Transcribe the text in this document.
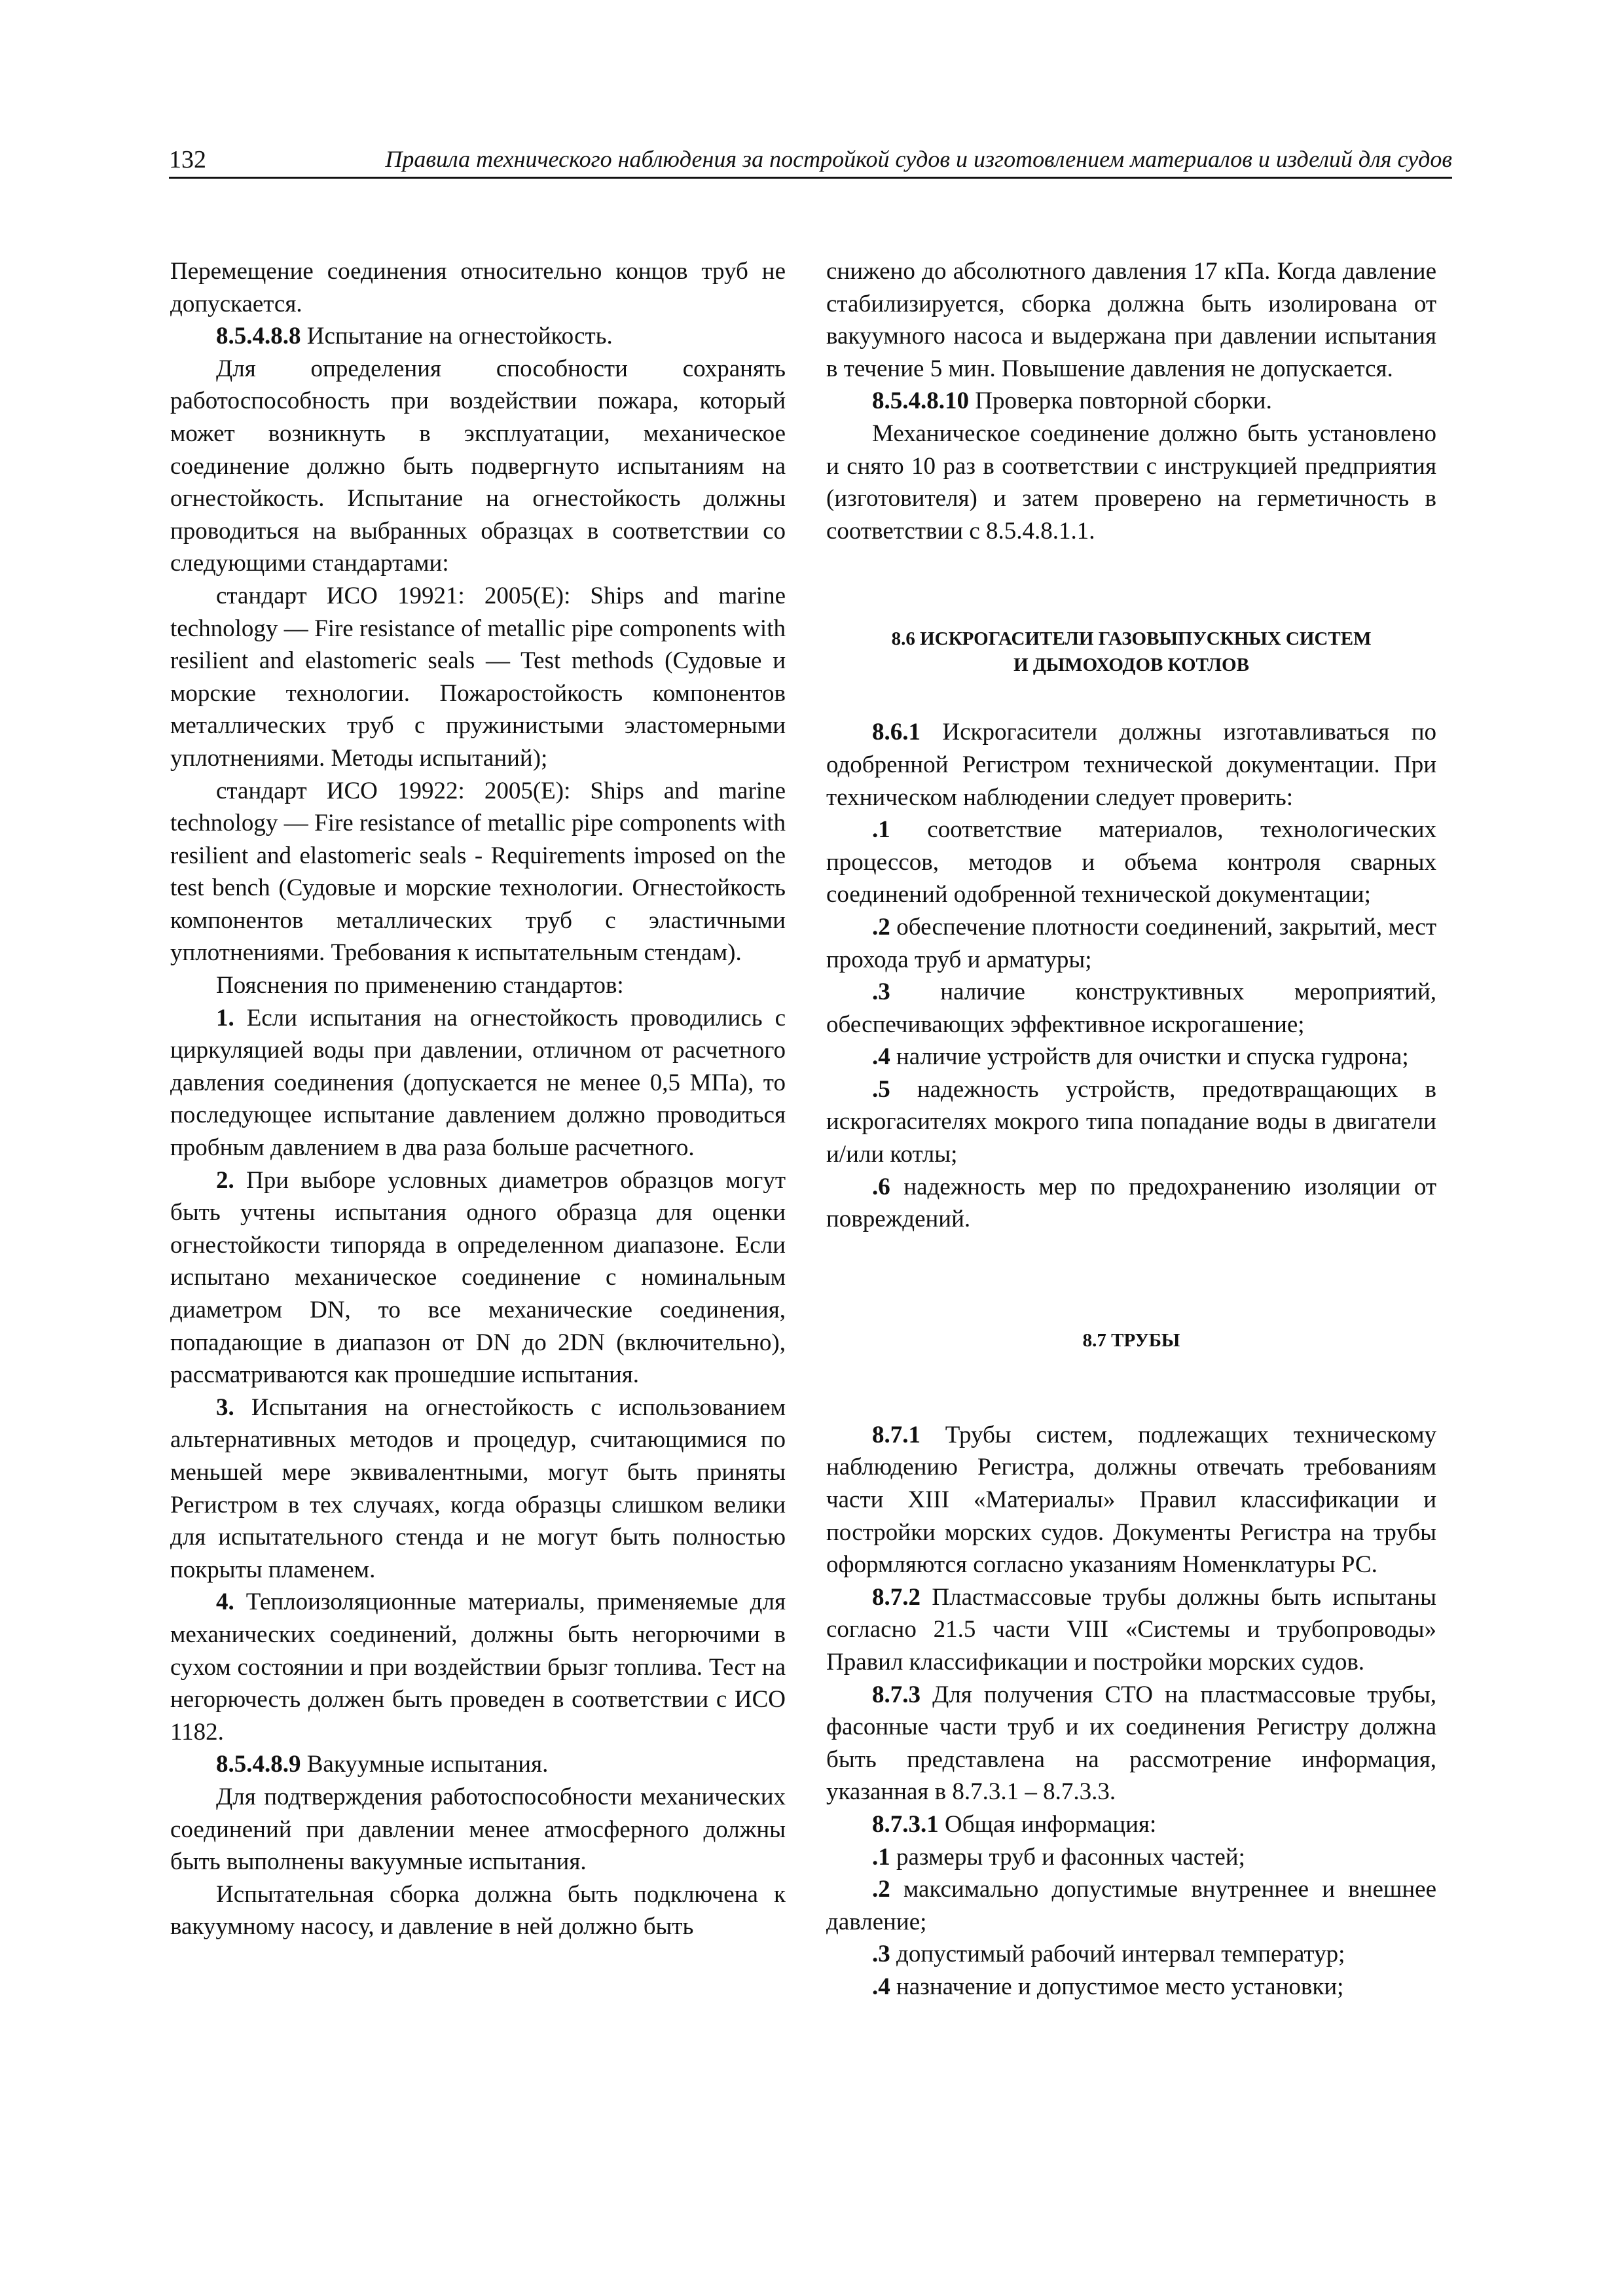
132	Правила технического наблюдения за постройкой судов и изготовлением материалов и изделий для судов

Перемещение соединения относительно концов труб не допускается.

8.5.4.8.8 Испытание на огнестойкость.

Для определения способности сохранять работоспособность при воздействии пожара, который может возникнуть в эксплуатации, механическое соединение должно быть подвергнуто испытаниям на огнестойкость. Испытание на огнестойкость должны проводиться на выбранных образцах в соответствии со следующими стандартами:

стандарт ИСО 19921: 2005(E): Ships and marine technology — Fire resistance of metallic pipe components with resilient and elastomeric seals — Test methods (Судовые и морские технологии. Пожаростойкость компонентов металлических труб с пружинистыми эластомерными уплотнениями. Методы испытаний);

стандарт ИСО 19922: 2005(E): Ships and marine technology — Fire resistance of metallic pipe components with resilient and elastomeric seals - Requirements imposed on the test bench (Судовые и морские технологии. Огнестойкость компонентов металлических труб с эластичными уплотнениями. Требования к испытательным стендам).

Пояснения по применению стандартов:

1. Если испытания на огнестойкость проводились с циркуляцией воды при давлении, отличном от расчетного давления соединения (допускается не менее 0,5 МПа), то последующее испытание давлением должно проводиться пробным давлением в два раза больше расчетного.

2. При выборе условных диаметров образцов могут быть учтены испытания одного образца для оценки огнестойкости типоряда в определенном диапазоне. Если испытано механическое соединение с номинальным диаметром DN, то все механические соединения, попадающие в диапазон от DN до 2DN (включительно), рассматриваются как прошедшие испытания.

3. Испытания на огнестойкость с использованием альтернативных методов и процедур, считающимися по меньшей мере эквивалентными, могут быть приняты Регистром в тех случаях, когда образцы слишком велики для испытательного стенда и не могут быть полностью покрыты пламенем.

4. Теплоизоляционные материалы, применяемые для механических соединений, должны быть негорючими в сухом состоянии и при воздействии брызг топлива. Тест на негорючесть должен быть проведен в соответствии с ИСО 1182.

8.5.4.8.9 Вакуумные испытания.

Для подтверждения работоспособности механических соединений при давлении менее атмосферного должны быть выполнены вакуумные испытания.

Испытательная сборка должна быть подключена к вакуумному насосу, и давление в ней должно быть

снижено до абсолютного давления 17 кПа. Когда давление стабилизируется, сборка должна быть изолирована от вакуумного насоса и выдержана при давлении испытания в течение 5 мин. Повышение давления не допускается.

8.5.4.8.10 Проверка повторной сборки.

Механическое соединение должно быть установлено и снято 10 раз в соответствии с инструкцией предприятия (изготовителя) и затем проверено на герметичность в соответствии с 8.5.4.8.1.1.

8.6 ИСКРОГАСИТЕЛИ ГАЗОВЫПУСКНЫХ СИСТЕМ
И ДЫМОХОДОВ КОТЛОВ

8.6.1 Искрогасители должны изготавливаться по одобренной Регистром технической документации. При техническом наблюдении следует проверить:

.1 соответствие материалов, технологических процессов, методов и объема контроля сварных соединений одобренной технической документации;

.2 обеспечение плотности соединений, закрытий, мест прохода труб и арматуры;

.3 наличие конструктивных мероприятий, обеспечивающих эффективное искрогашение;

.4 наличие устройств для очистки и спуска гудрона;

.5 надежность устройств, предотвращающих в искрогасителях мокрого типа попадание воды в двигатели и/или котлы;

.6 надежность мер по предохранению изоляции от повреждений.

8.7 ТРУБЫ

8.7.1 Трубы систем, подлежащих техническому наблюдению Регистра, должны отвечать требованиям части XIII «Материалы» Правил классификации и постройки морских судов. Документы Регистра на трубы оформляются согласно указаниям Номенклатуры РС.

8.7.2 Пластмассовые трубы должны быть испытаны согласно 21.5 части VIII «Системы и трубопроводы» Правил классификации и постройки морских судов.

8.7.3 Для получения СТО на пластмассовые трубы, фасонные части труб и их соединения Регистру должна быть представлена на рассмотрение информация, указанная в 8.7.3.1 – 8.7.3.3.

8.7.3.1 Общая информация:

.1 размеры труб и фасонных частей;

.2 максимально допустимые внутреннее и внешнее давление;

.3 допустимый рабочий интервал температур;

.4 назначение и допустимое место установки;
